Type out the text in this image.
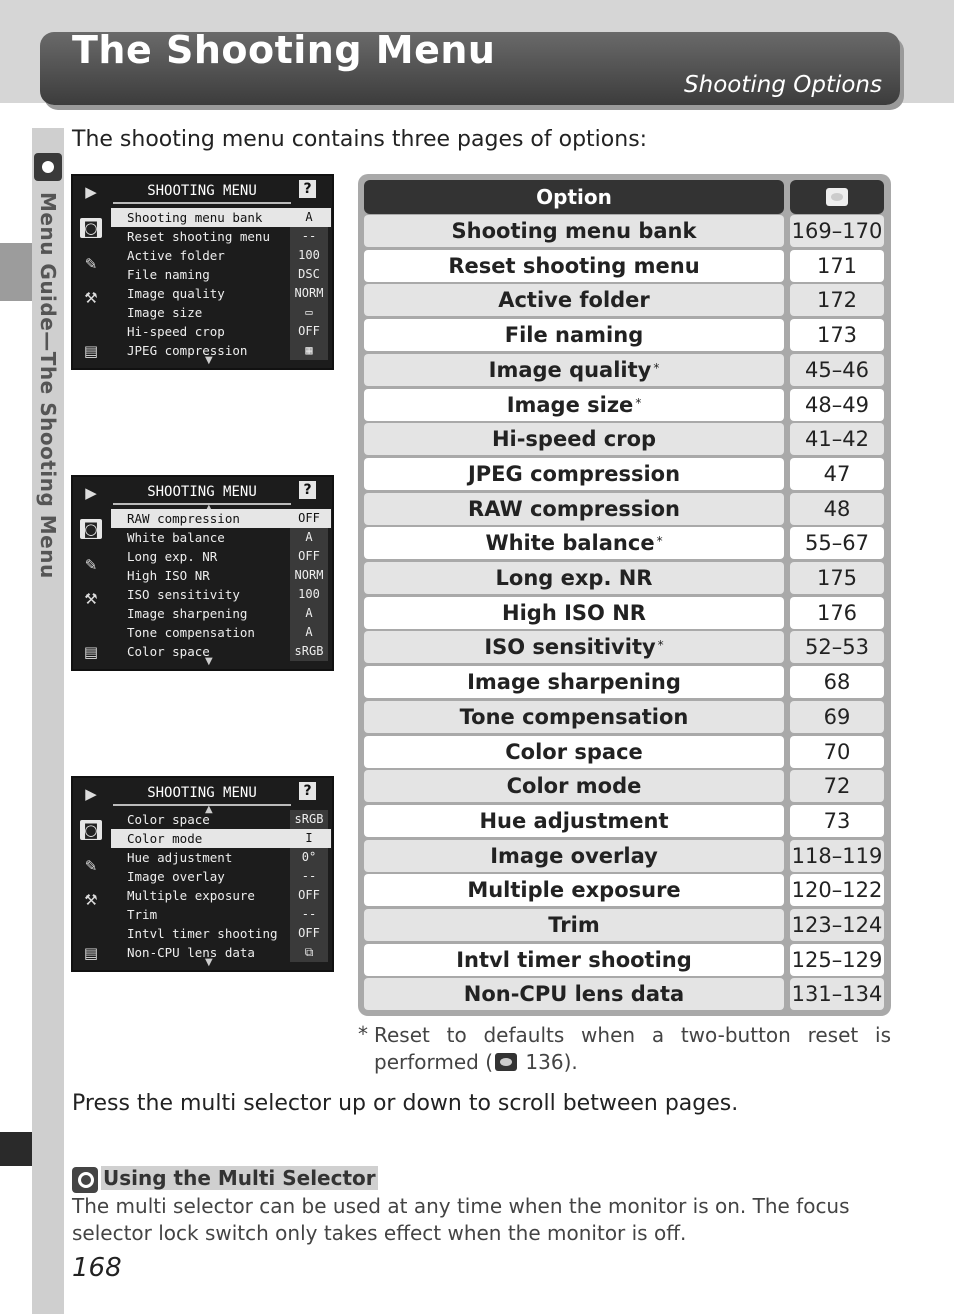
The Shooting Menu
Shooting Options
Menu Guide—The Shooting Menu
The shooting menu contains three pages of options:
▶
◙
✎
⚒
▤
SHOOTING MENU	?
Shooting menu bank	A
Reset shooting menu	--
Active folder	100
File naming	DSC
Image quality	NORM
Image size	▭
Hi-speed crop	OFF
JPEG compression	▦
▼
▶
◙
✎
⚒
▤
SHOOTING MENU	?
RAW compression	OFF
White balance	A
Long exp. NR	OFF
High ISO NR	NORM
ISO sensitivity	100
Image sharpening	A
Tone compensation	A
Color space	sRGB
▼
▶
◙
✎
⚒
▤
SHOOTING MENU	?
▲
Color space	sRGB
Color mode	I
Hue adjustment	0°
Image overlay	--
Multiple exposure	OFF
Trim	--
Intvl timer shooting	OFF
Non-CPU lens data	⧉
▼
Option
Shooting menu bank	169–170
Reset shooting menu	171
Active folder	172
File naming	173
Image quality *	45–46
Image size *	48–49
Hi-speed crop	41–42
JPEG compression	47
RAW compression	48
White balance *	55–67
Long exp. NR	175
High ISO NR	176
ISO sensitivity *	52–53
Image sharpening	68
Tone compensation	69
Color space	70
Color mode	72
Hue adjustment	73
Image overlay	118–119
Multiple exposure	120–122
Trim	123–124
Intvl timer shooting	125–129
Non-CPU lens data	131–134
* Reset to defaults when a two-button reset is performed ( 136).
Press the multi selector up or down to scroll between pages.
Using the Multi Selector
The multi selector can be used at any time when the monitor is on. The focus selector lock switch only takes effect when the monitor is off.
168
